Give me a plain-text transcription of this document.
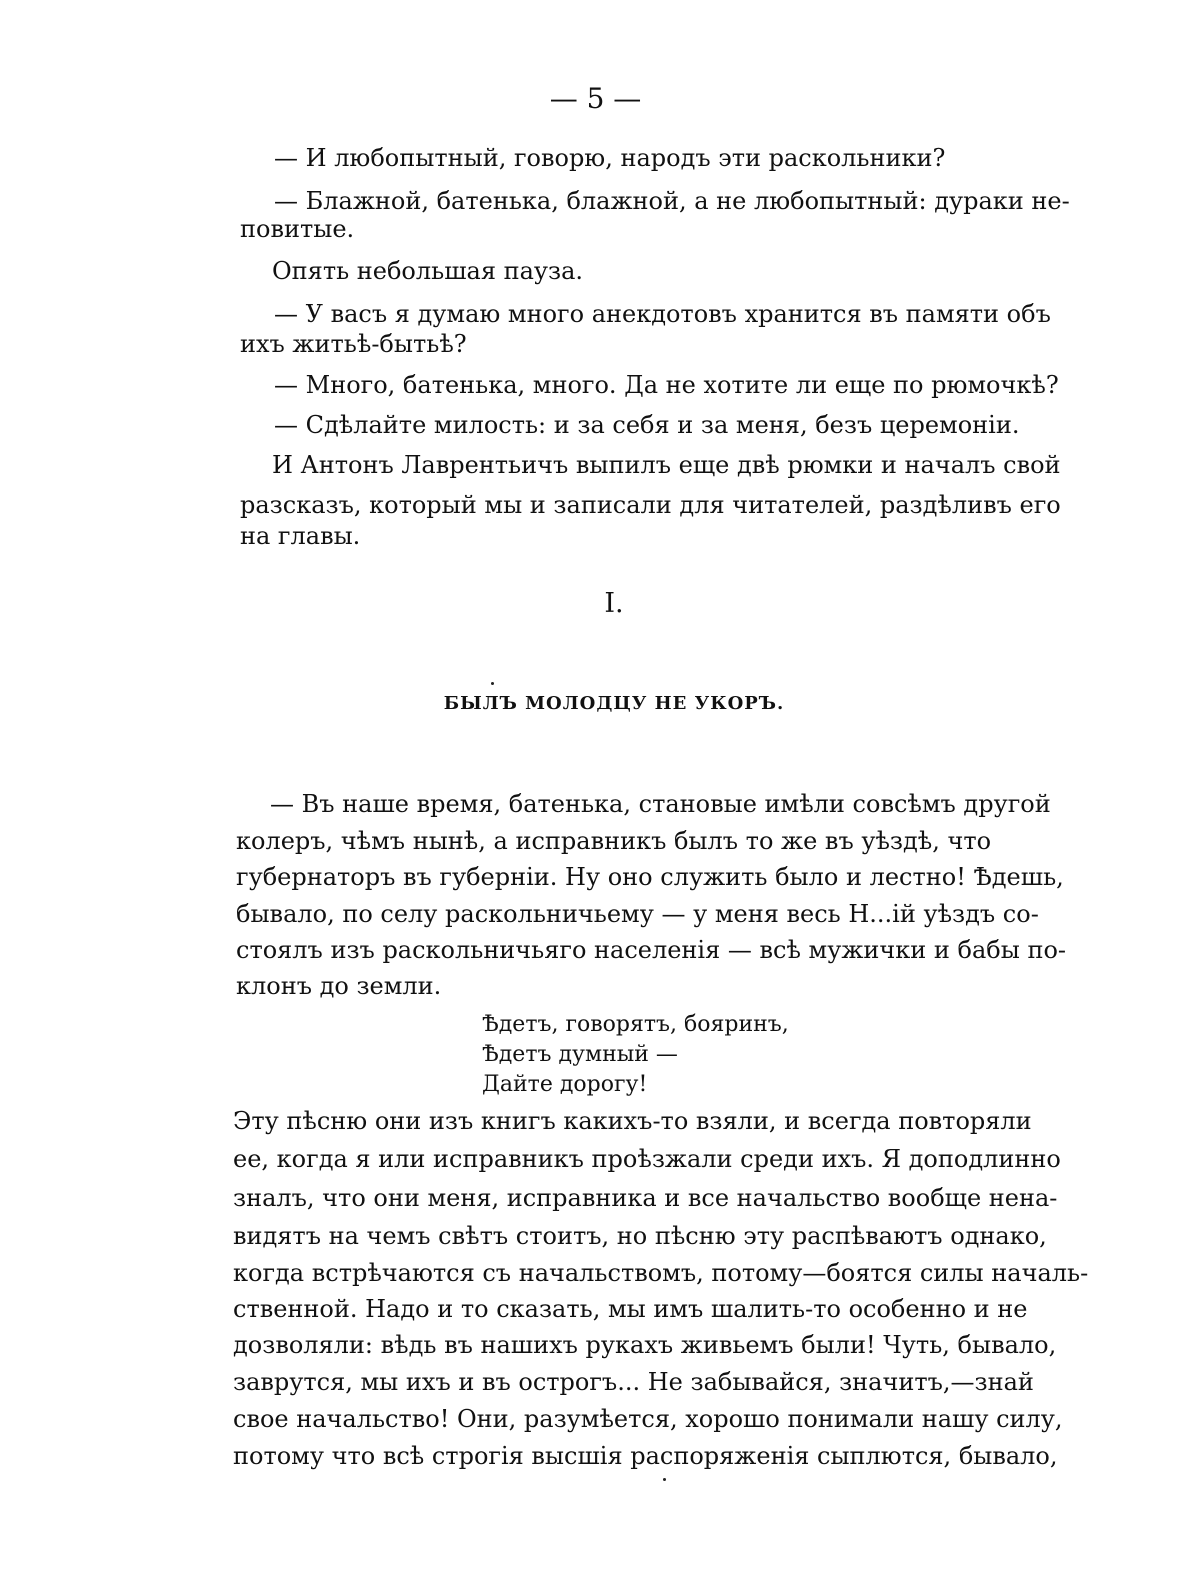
— 5 —
— И любопытный, говорю, народъ эти раскольники?
— Блажной, батенька, блажной, а не любопытный: дураки не-
повитые.
Опять небольшая пауза.
— У васъ я думаю много анекдотовъ хранится въ памяти объ
ихъ житьѣ-бытьѣ?
— Много, батенька, много. Да не хотите ли еще по рюмочкѣ?
— Сдѣлайте милость: и за себя и за меня, безъ церемоніи.
И Антонъ Лаврентьичъ выпилъ еще двѣ рюмки и началъ свой
разсказъ, который мы и записали для читателей, раздѣливъ его
на главы.
I.
БЫЛЪ МОЛОДЦУ НЕ УКОРЪ.
— Въ наше время, батенька, становые имѣли совсѣмъ другой
колеръ, чѣмъ нынѣ, а исправникъ былъ то же въ уѣздѣ, что
губернаторъ въ губерніи. Ну оно служить было и лестно! Ѣдешь,
бывало, по селу раскольничьему — у меня весь Н...ій уѣздъ со-
стоялъ изъ раскольничьяго населенія — всѣ мужички и бабы по-
клонъ до земли.
Ѣдетъ, говорятъ, бояринъ,
Ѣдетъ думный —
Дайте дорогу!
Эту пѣсню они изъ книгъ какихъ-то взяли, и всегда повторяли
ее, когда я или исправникъ проѣзжали среди ихъ. Я доподлинно
зналъ, что они меня, исправника и все начальство вообще нена-
видятъ на чемъ свѣтъ стоитъ, но пѣсню эту распѣваютъ однако,
когда встрѣчаются съ начальствомъ, потому—боятся силы началь-
ственной. Надо и то сказать, мы имъ шалить-то особенно и не
дозволяли: вѣдь въ нашихъ рукахъ живьемъ были! Чуть, бывало,
заврутся, мы ихъ и въ острогъ... Не забывайся, значитъ,—знай
свое начальство! Они, разумѣется, хорошо понимали нашу силу,
потому что всѣ строгія высшія распоряженія сыплются, бывало,
